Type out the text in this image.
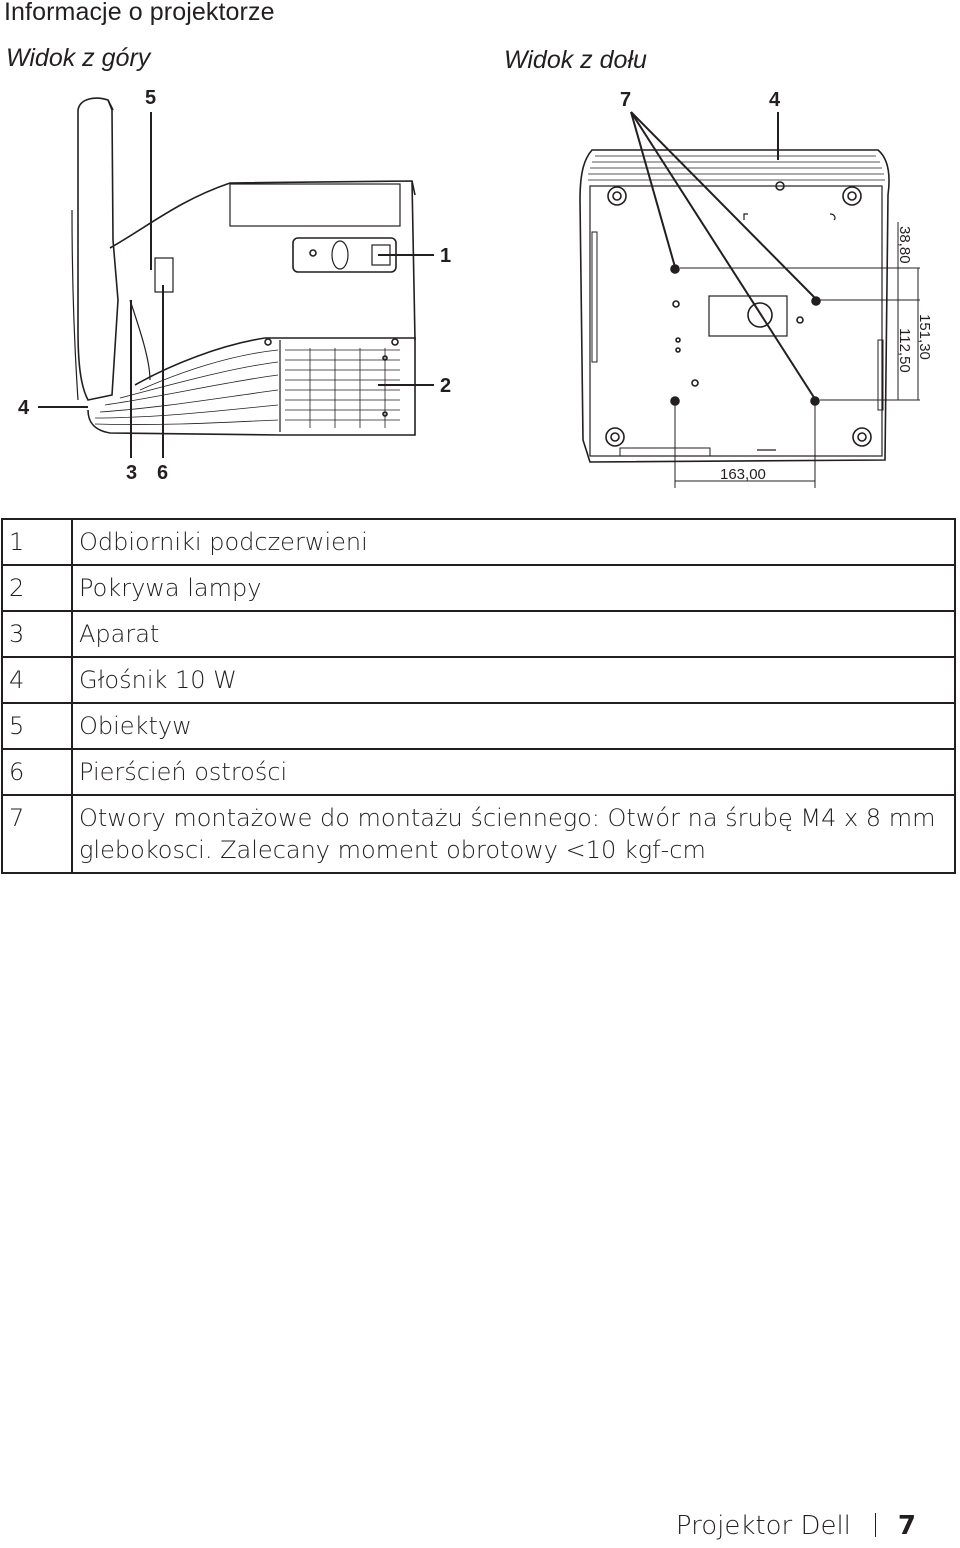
Informacje o projektorze
Widok z góry	Widok z dołu
5
1
2
4
3 6
7	4
38,80
151,30
112,50
163,00
1	Odbiorniki podczerwieni
2	Pokrywa lampy
3	Aparat
4	Głośnik 10 W
5	Obiektyw
6	Pierścień ostrości
7	Otwory montażowe do montażu ściennego: Otwór na śrubę M4 x 8 mm glebokosci. Zalecany moment obrotowy <10 kgf-cm
Projektor Dell 7
